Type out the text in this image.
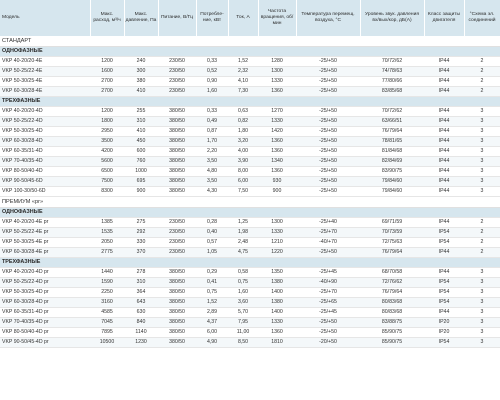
Модель	Макс. расход, м³/ч	Макс. давление, Па	Питание, В/Гц	Потребле-ние, кВт	Ток, А	Частота вращения, об/мин	Температура перемещ. воздуха, °С	Уровень звук. давления вх/вых/кор, дБ(А)	Класс защиты двигателя	°Схема эл. соединений
СТАНДАРТ										
ОДНОФАЗНЫЕ										
VKP 40-20/20-4E	1200	240	230/50	0,33	1,52	1280	-25/+50	70/72/62	IP44	2
VKP 50-25/22-4E	1600	300	230/50	0,52	2,32	1300	-25/+50	74/78/63	IP44	2
VKP 50-30/25-4E	2700	380	230/50	0,90	4,10	1330	-25/+50	77/80/66	IP44	2
VKP 60-30/28-4E	2700	410	230/50	1,60	7,30	1360	-25/+50	83/85/68	IP44	2
ТРЕХФАЗНЫЕ										
VKP 40-20/20-4D	1200	255	380/50	0,33	0,63	1270	-25/+50	70/72/62	IP44	3
VKP 50-25/22-4D	1800	310	380/50	0,49	0,82	1330	-25/+50	63/66/51	IP44	3
VKP 50-30/25-4D	2950	410	380/50	0,87	1,80	1420	-25/+50	76/79/64	IP44	3
VKP 60-30/28-4D	3500	450	380/50	1,70	3,20	1360	-25/+50	78/81/65	IP44	3
VKP 60-35/31-4D	4200	600	380/50	2,20	4,00	1360	-25/+50	81/84/68	IP44	3
VKP 70-40/35-4D	5600	760	380/50	3,50	3,90	1340	-25/+50	82/84/69	IP44	3
VKP 80-50/40-4D	6500	1000	380/50	4,80	8,00	1360	-25/+50	83/90/75	IP44	3
VKP 90-50/45-6D	7500	695	380/50	3,50	6,00	930	-25/+50	79/84/60	IP44	3
VKP 100-30/50-6D	8300	900	380/50	4,30	7,50	900	-25/+50	79/84/60	IP44	3
ПРЕМИУМ «pr»										
ОДНОФАЗНЫЕ										
VKP 40-20/20-4E pr	1385	275	230/50	0,28	1,25	1300	-25/+40	69/71/59	IP44	2
VKP 50-25/22-4E pr	1535	292	230/50	0,40	1,98	1330	-25/+70	70/73/59	IP54	2
VKP 50-30/25-4E pr	2050	330	230/50	0,57	2,48	1210	-40/+70	72/75/63	IP54	2
VKP 60-30/28-4E pr	2775	370	230/50	1,05	4,75	1220	-25/+50	76/79/64	IP44	2
ТРЕХФАЗНЫЕ										
VKP 40-20/20-4D pr	1440	278	380/50	0,29	0,58	1350	-25/+45	68/70/58	IP44	3
VKP 50-25/22-4D pr	1590	310	380/50	0,41	0,75	1380	-40/+90	72/76/62	IP54	3
VKP 50-30/25-4D pr	2250	364	380/50	0,75	1,60	1400	-25/+70	76/79/64	IP54	3
VKP 60-30/28-4D pr	3160	643	380/50	1,52	3,60	1380	-25/+65	80/83/68	IP54	3
VKP 60-35/31-4D pr	4585	630	380/50	2,89	5,70	1400	-25/+45	80/83/68	IP44	3
VKP 70-40/35-4D pr	7045	840	380/50	4,37	7,95	1330	-25/+50	83/88/75	IP20	3
VKP 80-50/40-4D pr	7895	1140	380/50	6,00	11,00	1360	-25/+50	85/90/75	IP20	3
VKP 90-50/45-4D pr	10500	1230	380/50	4,90	8,50	1810	-20/+50	85/90/75	IP54	3
